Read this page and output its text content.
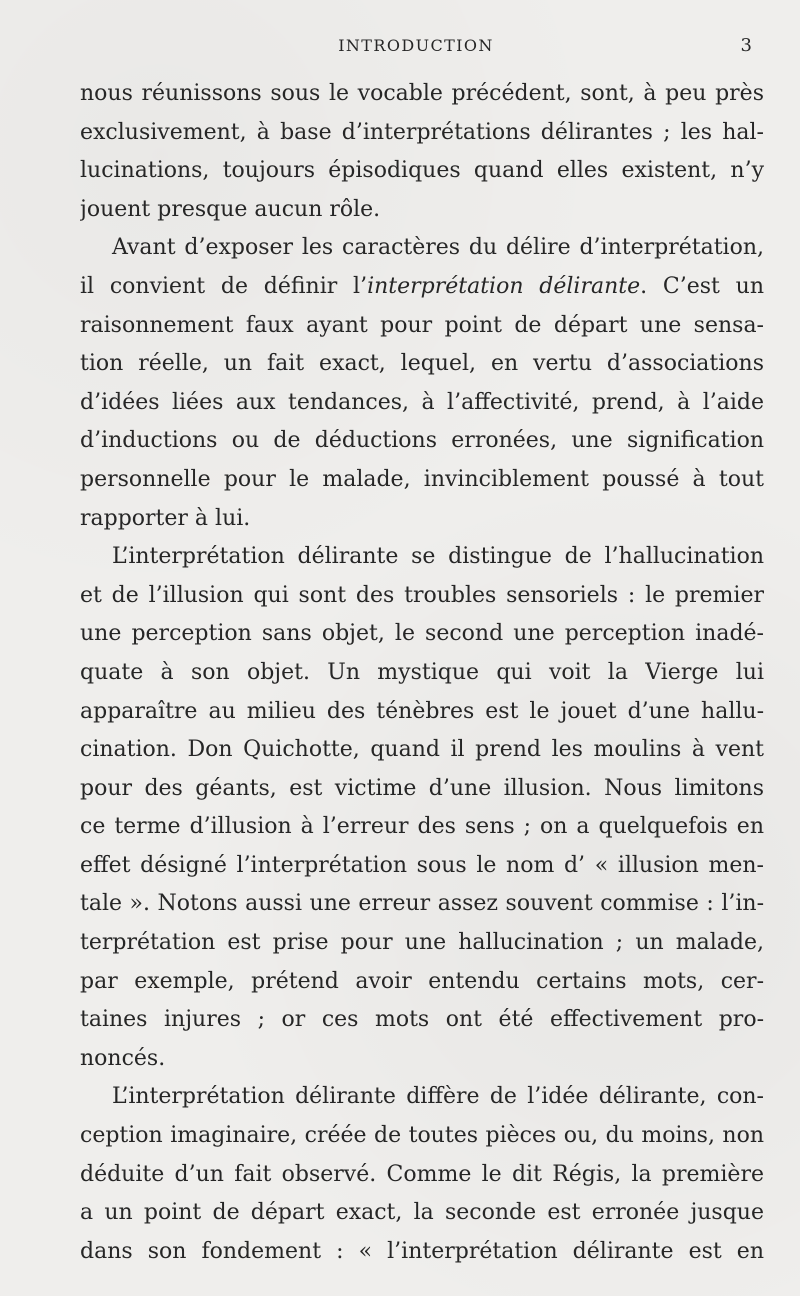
INTRODUCTION	3
nous réunissons sous le vocable précédent, sont, à peu près
exclusivement, à base d’interprétations délirantes ; les hal-
lucinations, toujours épisodiques quand elles existent, n’y
jouent presque aucun rôle.
Avant d’exposer les caractères du délire d’interprétation,
il convient de définir l’interprétation délirante. C’est un
raisonnement faux ayant pour point de départ une sensa-
tion réelle, un fait exact, lequel, en vertu d’associations
d’idées liées aux tendances, à l’affectivité, prend, à l’aide
d’inductions ou de déductions erronées, une signification
personnelle pour le malade, invinciblement poussé à tout
rapporter à lui.
L’interprétation délirante se distingue de l’hallucination
et de l’illusion qui sont des troubles sensoriels : le premier
une perception sans objet, le second une perception inadé-
quate à son objet. Un mystique qui voit la Vierge lui
apparaître au milieu des ténèbres est le jouet d’une hallu-
cination. Don Quichotte, quand il prend les moulins à vent
pour des géants, est victime d’une illusion. Nous limitons
ce terme d’illusion à l’erreur des sens ; on a quelquefois en
effet désigné l’interprétation sous le nom d’ « illusion men-
tale ». Notons aussi une erreur assez souvent commise : l’in-
terprétation est prise pour une hallucination ; un malade,
par exemple, prétend avoir entendu certains mots, cer-
taines injures ; or ces mots ont été effectivement pro-
noncés.
L’interprétation délirante diffère de l’idée délirante, con-
ception imaginaire, créée de toutes pièces ou, du moins, non
déduite d’un fait observé. Comme le dit Régis, la première
a un point de départ exact, la seconde est erronée jusque
dans son fondement : « l’interprétation délirante est en
